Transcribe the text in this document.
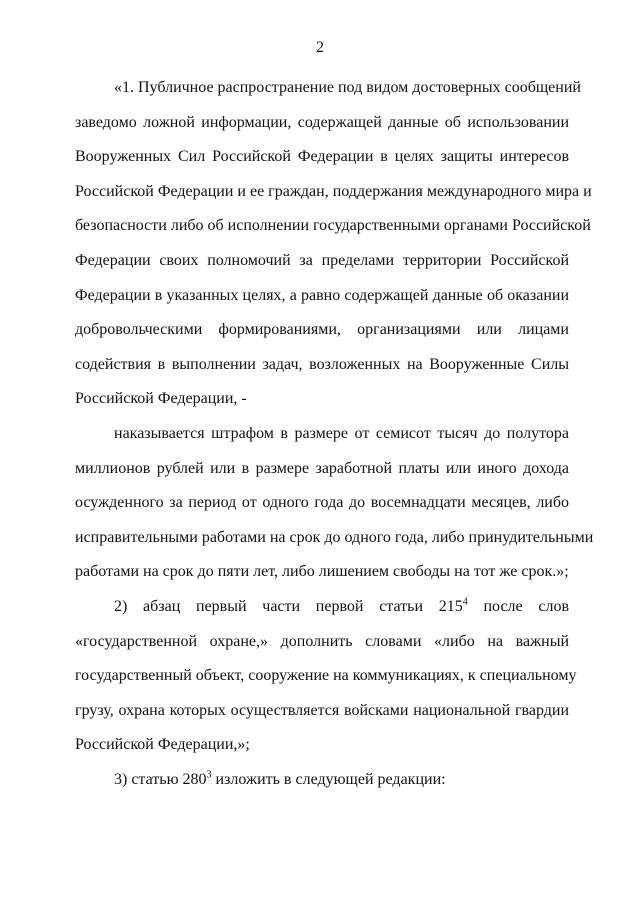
2
«1. Публичное распространение под видом достоверных сообщений
заведомо ложной информации, содержащей данные об использовании
Вооруженных Сил Российской Федерации в целях защиты интересов
Российской Федерации и ее граждан, поддержания международного мира и
безопасности либо об исполнении государственными органами Российской
Федерации своих полномочий за пределами территории Российской
Федерации в указанных целях, а равно содержащей данные об оказании
добровольческими формированиями, организациями или лицами
содействия в выполнении задач, возложенных на Вооруженные Силы
Российской Федерации, -
наказывается штрафом в размере от семисот тысяч до полутора
миллионов рублей или в размере заработной платы или иного дохода
осужденного за период от одного года до восемнадцати месяцев, либо
исправительными работами на срок до одного года, либо принудительными
работами на срок до пяти лет, либо лишением свободы на тот же срок.»;
2) абзац первый части первой статьи $215^4$ после слов
«государственной охране,» дополнить словами «либо на важный
государственный объект, сооружение на коммуникациях, к специальному
грузу, охрана которых осуществляется войсками национальной гвардии
Российской Федерации,»;
3) статью $280^3$ изложить в следующей редакции:
